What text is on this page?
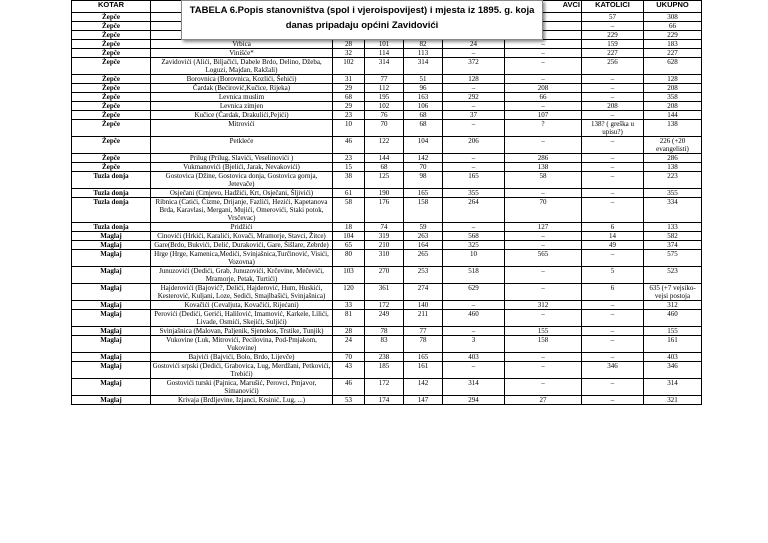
KOTAR						AVCI	KATOLICI	UKUPNO
Žepče							57	308
Žepče							–	66
Žepče							229	229
Žepče	Vrbica	28	101	82	24	–	159	183
Žepče	Vinišće*	32	114	113	–	–	227	227
Žepče	Zavidovići (Alići, Biljačići, Dabele Brdo, Delino, Džeba, Loguzi, Majdan, Rakžali)	102	314	314	372	–	256	628
Žepče	Borovnica (Borovnica, Kozlići, Šehići)	31	77	51	128	–	–	128
Žepče	Čardak (Bećirović,Kučice, Rijeka)	29	112	96	–	208	–	208
Žepče	Levnica muslim	68	195	163	292	66	–	358
Žepče	Levnica zimjen	29	102	106	–	–	208	208
Žepče	Kučice (Čardak, Drakulići,Pejići)	23	76	68	37	107	–	144
Žepče	Mitrovići	10	70	68	–	?	138? ( greška u upisu?)	138
Žepče	Petkleće	46	122	104	206	–	–	226 (+20 evangelisti)
Žepče	Prilug (Prilug, Slavići, Veselinovići )	23	144	142	–	286	–	286
Žepče	Vukmanovići (Bjelići, Jarak, Nevakovići)	15	68	70	–	138	–	138
Tuzla donja	Gostovica (Džine, Gostovica donja, Gostovica gornja, Jetevače)	38	125	98	165	58	–	223
Tuzla donja	Osječani (Crnjevo, Hadžići, Krt, Osječani, Šljivići)	61	190	165	355	–	–	355
Tuzla donja	Ribnica (Ćatići, Čizme, Drijanje, Fazlići, Hezići, Kapetanova Brda, Karavlasi, Mergani, Mujići, Omerovići, Staki potok, Vrsčevac)	58	176	158	264	70	–	334
Tuzla donja	Pridžići	18	74	59	–	127	6	133
Maglaj	Cinovići (Hrkići, Karalići, Kovači, Mramorje, Stavci, Žitce)	104	319	263	568	–	14	582
Maglaj	Gare(Brdo, Bukvići, Delić, Durakovići, Gare, Šišlare, Zebrde)	65	210	164	325	–	49	374
Maglaj	Hrge (Hrge, Kamenica,Medići, Svinjašnica,Turčinović, Visići, Vozovna)	80	310	265	10	565	–	575
Maglaj	Junuzovići (Dedići, Grab, Junuzovići, Krčevine, Mečevići, Mramorje, Petak, Turtići)	103	270	253	518	–	5	523
Maglaj	Hajderovići (Bajović?, Delići, Hajderović, Hum, Huskići, Kesterović, Kuljani, Loze, Sedići, Smajlbašići, Svinjašnica)	120	361	274	629	–	6	635 (+7 vejsiko-vejsi postoja
Maglaj	Kovačići (Cevaljuta, Kovačići, Rijećani)	33	172	140	–	312	–	312
Maglaj	Perovići (Dedići, Gerići, Halilović, Imamović, Karkele, Lilići, Livade, Osmići, Skejići, Suljići)	81	249	211	460	–	–	460
Maglaj	Svinjašnica (Malovan, Paljenik, Sjenokos, Trstike, Tunjik)	28	78	77	–	155	–	155
Maglaj	Vukovine (Luk, Mitrovići, Pecilovina, Pod-Pmjakom, Vukovine)	24	83	78	3	158	–	161
Maglaj	Bajvići (Bajvići, Bolo, Brdo, Lijevče)	70	238	165	403	–	–	403
Maglaj	Gostovići srpski (Dedići, Grabovica, Lug, Merdžani, Petkovići, Trebići)	43	185	161	–	–	346	346
Maglaj	Gostovići turski (Pajnica, Marušić, Perovci, Pmjavor, Simanovići)	46	172	142	314	–	–	314
Maglaj	Krivaja (Brdljevine, Izjanci, Krsinić, Lug, ...)	53	174	147	294	27	–	321
TABELA 6.Popis stanovništva (spol i vjeroispovijest) i mjesta iz 1895. g. koja
danas pripadaju općini Zavidovići
